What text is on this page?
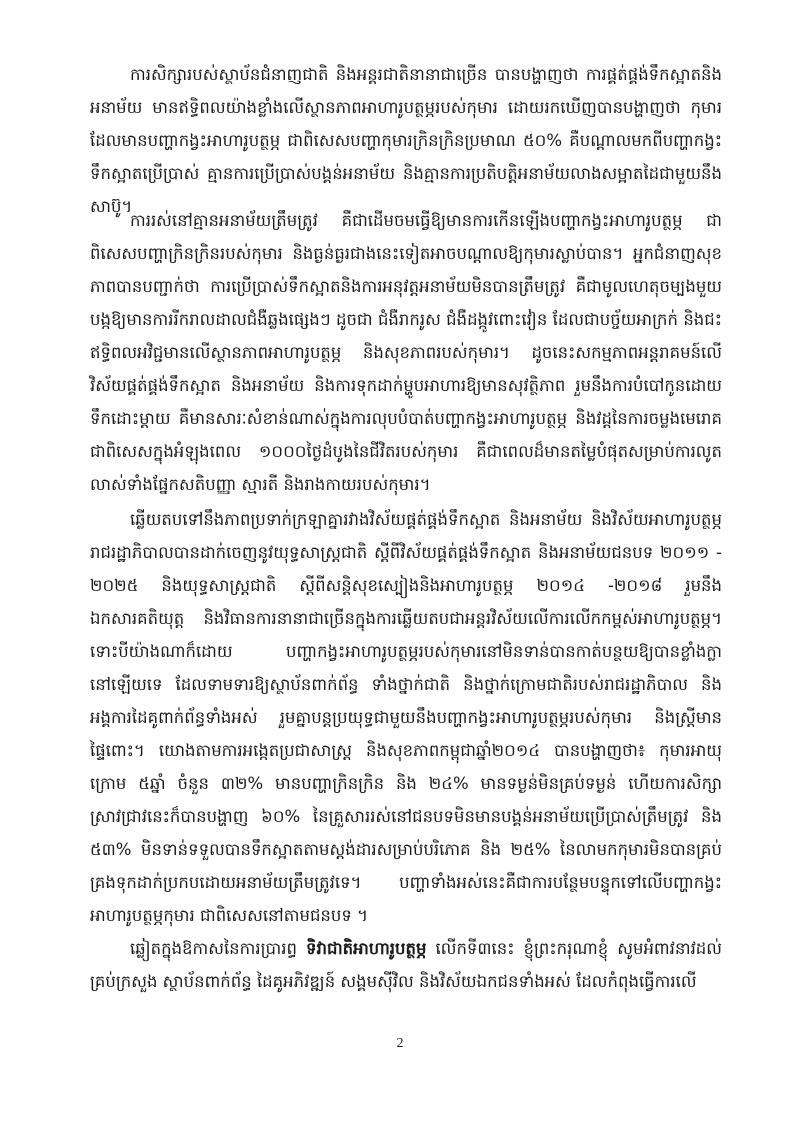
ការសិក្សារបស់ស្ថាប័នជំនាញជាតិ និងអន្តរជាតិនានាជាច្រើន បានបង្ហាញថា ការផ្គត់ផ្គង់ទឹកស្អាតនិងអនាម័យ មានឥទ្ធិពលយ៉ាងខ្លាំងលើស្ថានភាពអាហារូបត្ថម្ភរបស់កុមារ ដោយរកឃើញបានបង្ហាញថា កុមារដែលមានបញ្ហាកង្វះអាហារូបត្ថម្ភ ជាពិសេសបញ្ហាកុមារក្រិនក្រិនប្រមាណ ៥០% គឺបណ្ដាលមកពីបញ្ហាកង្វះទឹកស្អាតប្រើប្រាស់ គ្មានការប្រើប្រាស់បង្គន់អនាម័យ និងគ្មានការប្រតិបត្តិអនាម័យលាងសម្អាតដៃជាមួយនឹងសាប៊ូ។

ការរស់នៅគ្មានអនាម័យត្រឹមត្រូវ គឺជាដើមចមធ្វើឱ្យមានការកើនឡើងបញ្ហាកង្វះអាហារូបត្ថម្ភ ជាពិសេសបញ្ហាក្រិនក្រិនរបស់កុមារ និងធ្ងន់ធ្ងរជាងនេះទៀតអាចបណ្ដាលឱ្យកុមារស្លាប់បាន។ អ្នកជំនាញសុខភាពបានបញ្ជាក់ថា ការប្រើប្រាស់ទឹកស្អាតនិងការអនុវត្តអនាម័យមិនបានត្រឹមត្រូវ គឺជាមូលហេតុចម្បងមួយបង្កឱ្យមានការរីករាលដាលជំងឺឆ្លងផ្សេងៗ ដូចជា ជំងឺរាករូស ជំងឺដង្កូវពោះវៀន ដែលជាបច្ច័យអាក្រក់ និងជះឥទ្ធិពលអវិជ្ជមានលើស្ថានភាពអាហារូបត្ថម្ភ និងសុខភាពរបស់កុមារ។ ដូចនេះសកម្មភាពអន្តរាគមន៍លើវិស័យផ្គត់ផ្គង់ទឹកស្អាត និងអនាម័យ និងការទុកដាក់ម្ហូបអាហារឱ្យមានសុវត្ថិភាព រួមនឹងការបំបៅកូនដោយទឹកដោះម្ដាយ គឺមានសារៈសំខាន់ណាស់ក្នុងការលុបបំបាត់បញ្ហាកង្វះអាហារូបត្ថម្ភ និងវដ្ដនៃការចម្លងមេរោគ ជាពិសេសក្នុងអំឡុងពេល ១០០០ថ្ងៃដំបូងនៃជីវិតរបស់កុមារ គឺជាពេលដ៏មានតម្លៃបំផុតសម្រាប់ការលូតលាស់ទាំងផ្នែកសតិបញ្ញា ស្មារតី និងរាងកាយរបស់កុមារ។

ឆ្លើយតបទៅនឹងភាពប្រទាក់ក្រឡាគ្នារវាងវិស័យផ្គត់ផ្គង់ទឹកស្អាត និងអនាម័យ និងវិស័យអាហារូបត្ថម្ភ រាជរដ្ឋាភិបាលបានដាក់ចេញនូវយុទ្ធសាស្ត្រជាតិ ស្ដីពីវិស័យផ្គត់ផ្គង់ទឹកស្អាត និងអនាម័យជនបទ ២០១១ - ២០២៥ និងយុទ្ធសាស្ត្រជាតិ ស្ដីពីសន្តិសុខស្បៀងនិងអាហារូបត្ថម្ភ ២០១៤ -២០១៨ រួមនឹងឯកសារគតិយុត្ត និងវិធានការនានាជាច្រើនក្នុងការឆ្លើយតបជាអន្តរវិស័យលើការលើកកម្ពស់អាហារូបត្ថម្ភ។ ទោះបីយ៉ាងណាក៏ដោយ បញ្ហាកង្វះអាហារូបត្ថម្ភរបស់កុមារនៅមិនទាន់បានកាត់បន្ថយឱ្យបានខ្លាំងក្លានៅឡើយទេ ដែលទាមទារឱ្យស្ថាប័នពាក់ព័ន្ធ ទាំងថ្នាក់ជាតិ និងថ្នាក់ក្រោមជាតិរបស់រាជរដ្ឋាភិបាល និងអង្គការដៃគូពាក់ព័ន្ធទាំងអស់ រួមគ្នាបន្តប្រយុទ្ធជាមួយនឹងបញ្ហាកង្វះអាហារូបត្ថម្ភរបស់កុមារ និងស្ត្រីមានផ្ទៃពោះ។ យោងតាមការអង្កេតប្រជាសាស្ត្រ និងសុខភាពកម្ពុជាឆ្នាំ២០១៤ បានបង្ហាញថា៖ កុមារអាយុក្រោម ៥ឆ្នាំ ចំនួន ៣២% មានបញ្ហាក្រិនក្រិន និង ២៤% មានទម្ងន់មិនគ្រប់ទម្ងន់ ហើយការសិក្សាស្រាវជ្រាវនេះក៏បានបង្ហាញ ៦០% នៃគ្រួសាររស់នៅជនបទមិនមានបង្គន់អនាម័យប្រើប្រាស់ត្រឹមត្រូវ និង ៥៣% មិនទាន់ទទួលបានទឹកស្អាតតាមស្តង់ដារសម្រាប់បរិភោគ និង ២៥% នៃលាមកកុមារមិនបានគ្រប់គ្រងទុកដាក់ប្រកបដោយអនាម័យត្រឹមត្រូវទេ។ បញ្ហាទាំងអស់នេះគឺជាការបន្ថែមបន្ទុកទៅលើបញ្ហាកង្វះអាហារូបត្ថម្ភកុមារ ជាពិសេសនៅតាមជនបទ ។

ឆ្លៀតក្នុងឱកាសនៃការប្រារព្ធ ទិវាជាតិអាហារូបត្ថម្ភ លើកទី៣នេះ ខ្ញុំព្រះករុណាខ្ញុំ សូមអំពាវនាវដល់គ្រប់ក្រសួង ស្ថាប័នពាក់ព័ន្ធ ដៃគូអភិវឌ្ឍន៍ សង្គមស៊ីវិល និងវិស័យឯកជនទាំងអស់ ដែលកំពុងធ្វើការលើ

2
